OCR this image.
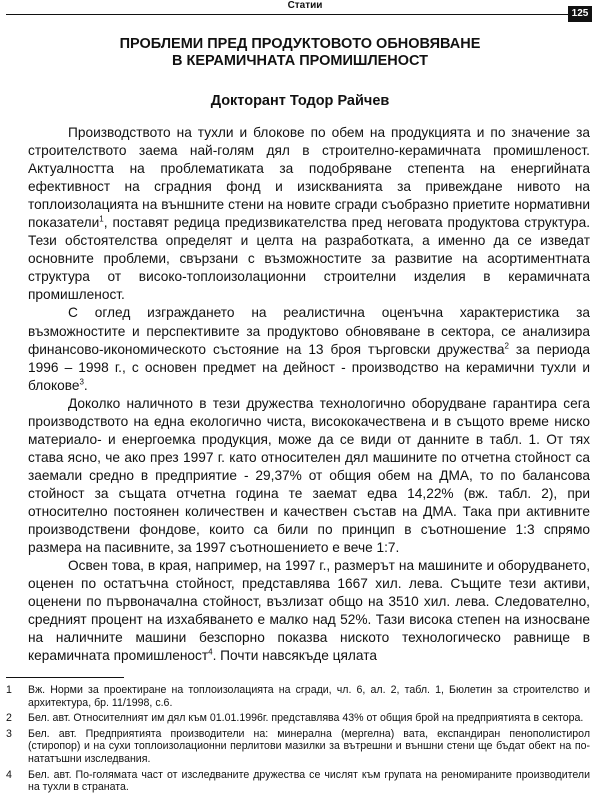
Статии
125
ПРОБЛЕМИ ПРЕД ПРОДУКТОВОТО ОБНОВЯВАНЕ
В КЕРАМИЧНАТА ПРОМИШЛЕНОСТ
Докторант Тодор Райчев

Производството на тухли и блокове по обем на продукцията и по значение за строителството заема най-голям дял в строително-керамичната промишленост. Актуалността на проблематиката за подобряване степента на енергийната ефективност на сградния фонд и изискванията за привеждане нивото на топлоизолацията на външните стени на новите сгради съобразно приетите нормативни показатели$^1$, поставят редица предизвикателства пред неговата продуктова структура. Тези обстоятелства определят и целта на разработката, а именно да се изведат основните проблеми, свързани с възможностите за развитие на асортиментната структура от високо-топлоизолационни строителни изделия в керамичната промишленост.

С оглед изграждането на реалистична оценъчна характеристика за възможностите и перспективите за продуктово обновяване в сектора, се анализира финансово-икономическото състояние на 13 броя търговски дружества$^2$ за периода 1996 – 1998 г., с основен предмет на дейност - производство на керамични тухли и блокове$^3$.

Доколко наличното в тези дружества технологично оборудване гарантира сега производството на една екологично чиста, висококачествена и в същото време ниско материало- и енергоемка продукция, може да се види от данните в табл. 1. От тях става ясно, че ако през 1997 г. като относителен дял машините по отчетна стойност са заемали средно в предприятие - 29,37% от общия обем на ДМА, то по балансова стойност за същата отчетна година те заемат едва 14,22% (вж. табл. 2), при относително постоянен количествен и качествен състав на ДМА. Така при активните производствени фондове, които са били по принцип в съотношение 1:3 спрямо размера на пасивните, за 1997 съотношението е вече 1:7.

Освен това, в края, например, на 1997 г., размерът на машините и оборудването, оценен по остатъчна стойност, представлява 1667 хил. лева. Същите тези активи, оценени по първоначална стойност, възлизат общо на 3510 хил. лева. Следователно, средният процент на изхабяването е малко над 52%. Тази висока степен на износване на наличните машини безспорно показва ниското технологическо равнище в керамичната промишленост$^4$. Почти навсякъде цялата

1	Вж. Норми за проектиране на топлоизолацията на сгради, чл. 6, ал. 2, табл. 1, Бюлетин за строителство и архитектура, бр. 11/1998, с.6.
2	Бел. авт. Относителният им дял към 01.01.1996г. представлява 43% от общия брой на предприятията в сектора.
3	Бел. авт. Предприятията производители на: минерална (мергелна) вата, експандиран пенополистирол (стиропор) и на сухи топлоизолационни перлитови мазилки за вътрешни и външни стени ще бъдат обект на по-нататъшни изследвания.
4	Бел. авт. По-голямата част от изследваните дружества се числят към групата на реномираните производители на тухли в страната.
